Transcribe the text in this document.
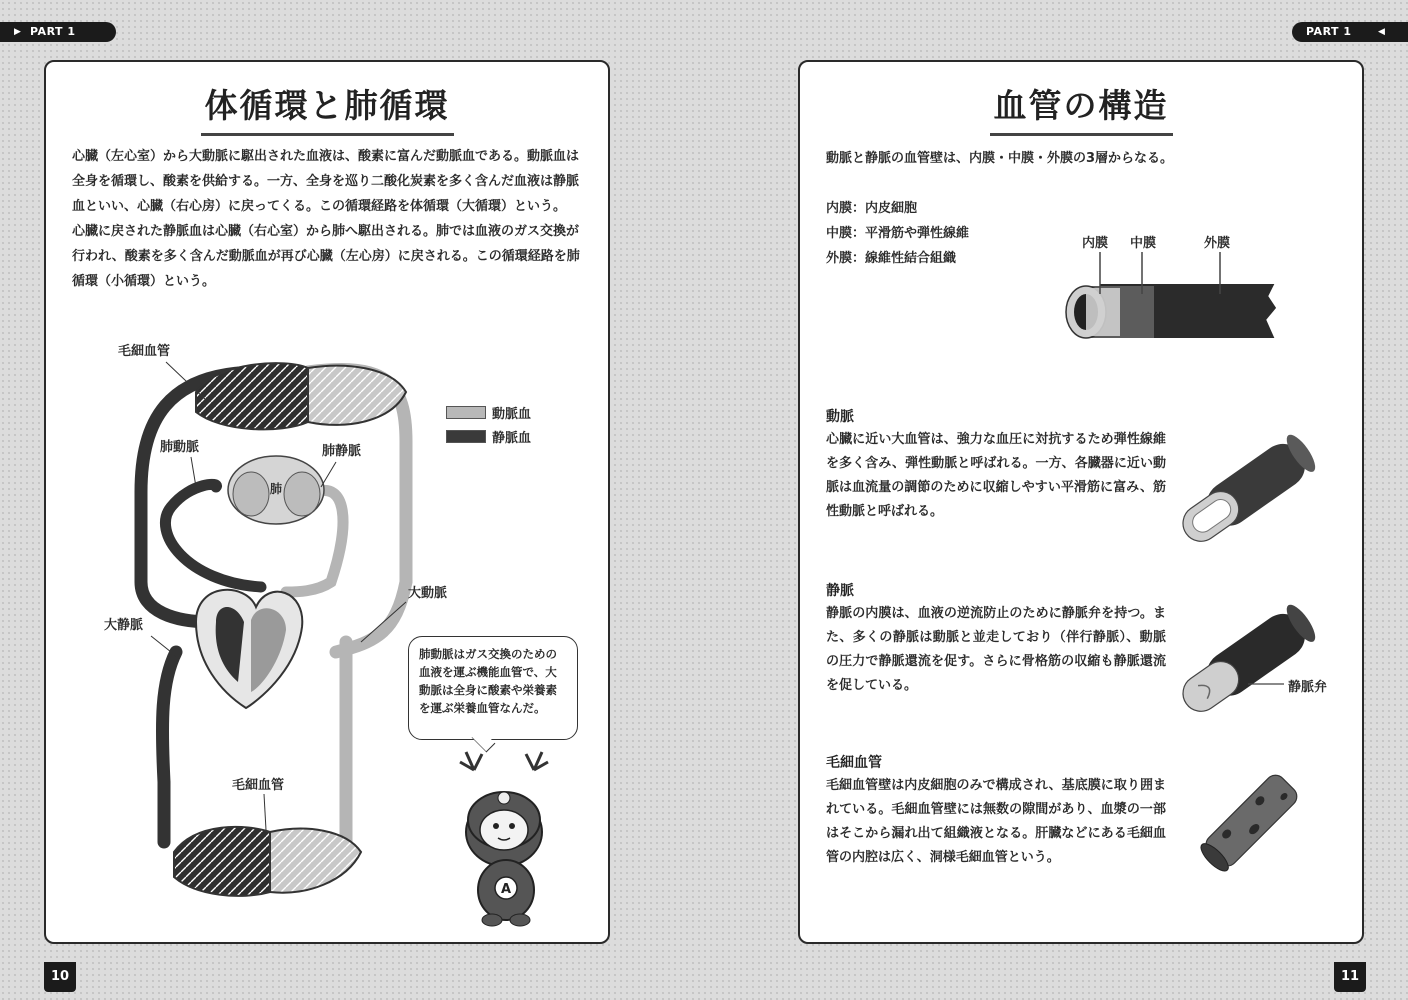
▶ PART 1	PART 1	◀
体循環と肺循環

心臓（左心室）から大動脈に駆出された血液は、酸素に富んだ動脈血である。動脈血は全身を循環し、酸素を供給する。一方、全身を巡り二酸化炭素を多く含んだ血液は静脈血といい、心臓（右心房）に戻ってくる。この循環経路を体循環（大循環）という。

心臓に戻された静脈血は心臓（右心室）から肺へ駆出される。肺では血液のガス交換が行われ、酸素を多く含んだ動脈血が再び心臓（左心房）に戻される。この循環経路を肺循環（小循環）という。

A
毛細血管
肺動脈	肺静脈
肺
大動脈
大静脈
毛細血管
動脈血
静脈血
肺動脈はガス交換のための血液を運ぶ機能血管で、大動脈は全身に酸素や栄養素を運ぶ栄養血管なんだ。
10
血管の構造
動脈と静脈の血管壁は、内膜・中膜・外膜の3層からなる。
内膜：内皮細胞
中膜：平滑筋や弾性線維
外膜：線維性結合組織
内膜 中膜	外膜
静脈弁
動脈
心臓に近い大血管は、強力な血圧に対抗するため弾性線維を多く含み、弾性動脈と呼ばれる。一方、各臓器に近い動脈は血流量の調節のために収縮しやすい平滑筋に富み、筋性動脈と呼ばれる。
静脈
静脈の内膜は、血液の逆流防止のために静脈弁を持つ。また、多くの静脈は動脈と並走しており（伴行静脈）、動脈の圧力で静脈還流を促す。さらに骨格筋の収縮も静脈還流を促している。
毛細血管
毛細血管壁は内皮細胞のみで構成され、基底膜に取り囲まれている。毛細血管壁には無数の隙間があり、血漿の一部はそこから漏れ出て組織液となる。肝臓などにある毛細血管の内腔は広く、洞様毛細血管という。
11
